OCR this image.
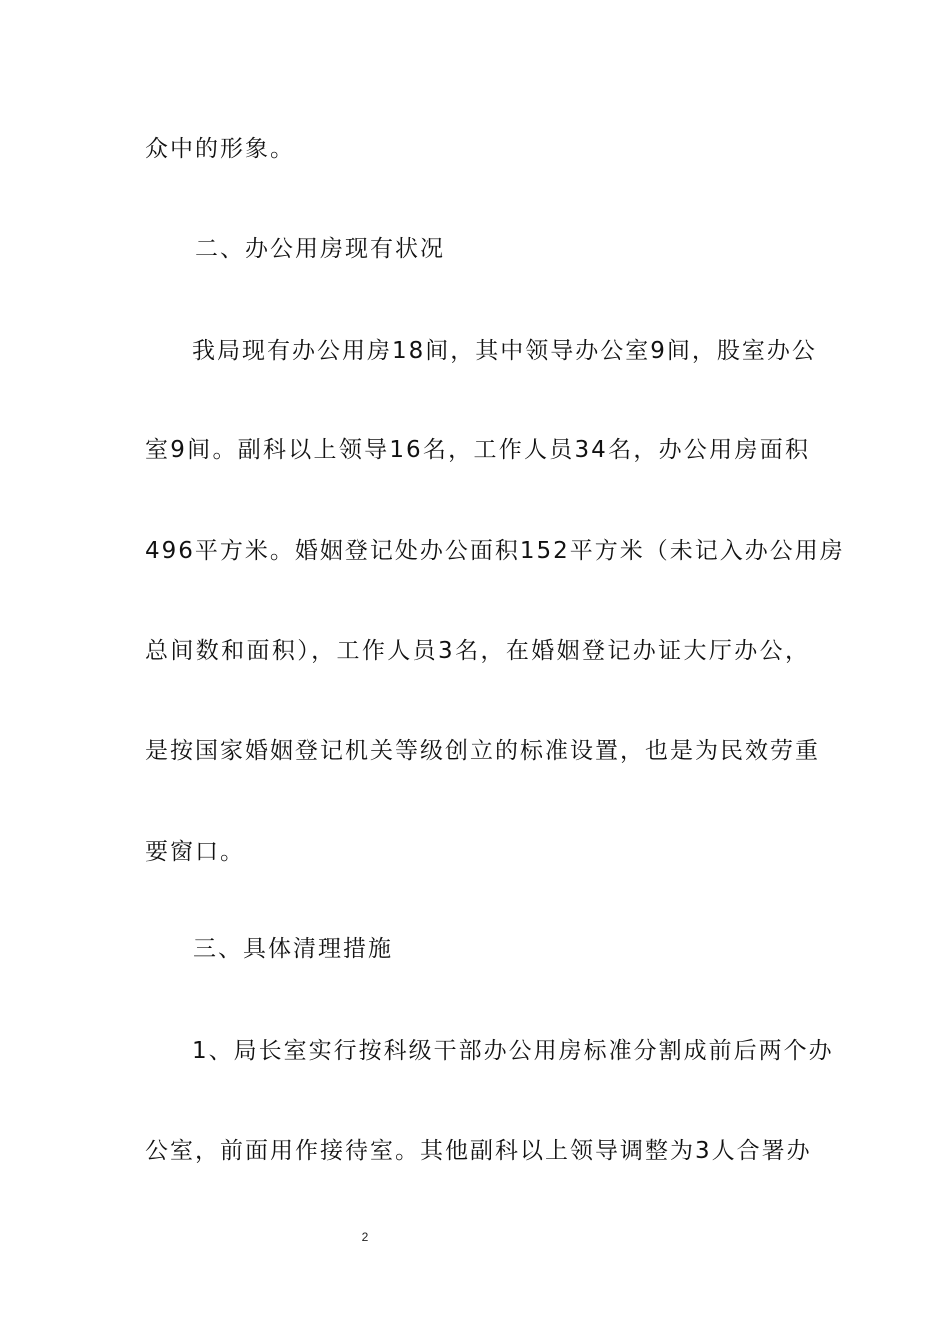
众中的形象。
二、办公用房现有状况
我局现有办公用房18间，其中领导办公室9间，股室办公
室9间。副科以上领导16名，工作人员34名，办公用房面积
496平方米。婚姻登记处办公面积152平方米（未记入办公用房
总间数和面积），工作人员3名，在婚姻登记办证大厅办公，
是按国家婚姻登记机关等级创立的标准设置，也是为民效劳重
要窗口。
三、具体清理措施
1、局长室实行按科级干部办公用房标准分割成前后两个办
公室，前面用作接待室。其他副科以上领导调整为3人合署办
2
